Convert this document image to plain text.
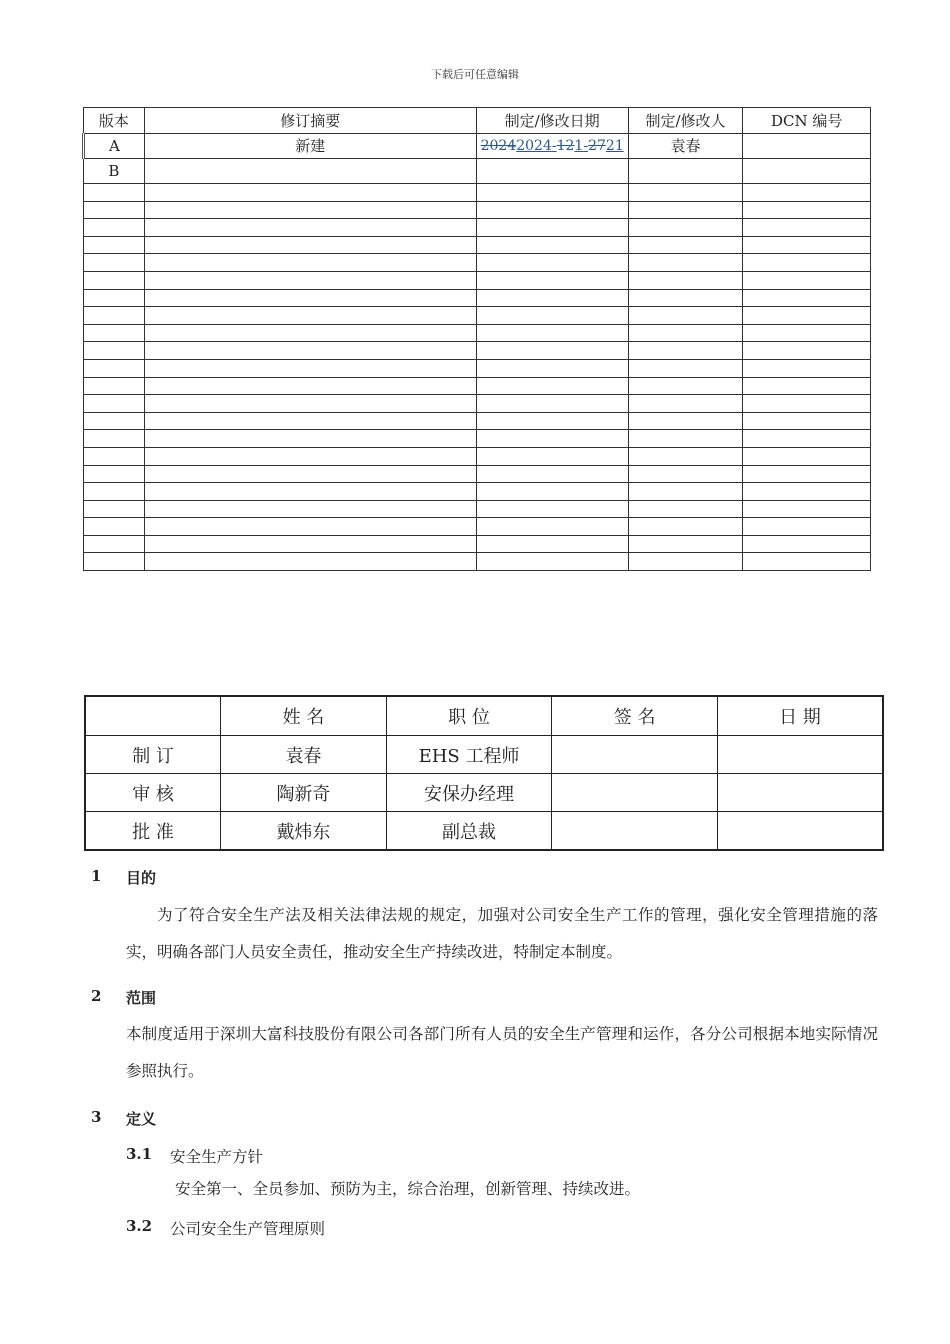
下载后可任意编辑
版本	修订摘要	制定/修改日期	制定/修改人	DCN 编号
A	新建	20242024-121-2721	袁春	
B				

	姓 名	职 位	签 名	日 期
制 订	袁春	EHS 工程师		
审 核	陶新奇	安保办经理		
批 准	戴炜东	副总裁		
1 目的
为了符合安全生产法及相关法律法规的规定，加强对公司安全生产工作的管理，强化安全管理措施的落实，明确各部门人员安全责任，推动安全生产持续改进，特制定本制度。
2 范围
本制度适用于深圳大富科技股份有限公司各部门所有人员的安全生产管理和运作，各分公司根据本地实际情况参照执行。
3 定义
3.1 安全生产方针
安全第一、全员参加、预防为主，综合治理，创新管理、持续改进。
3.2 公司安全生产管理原则
